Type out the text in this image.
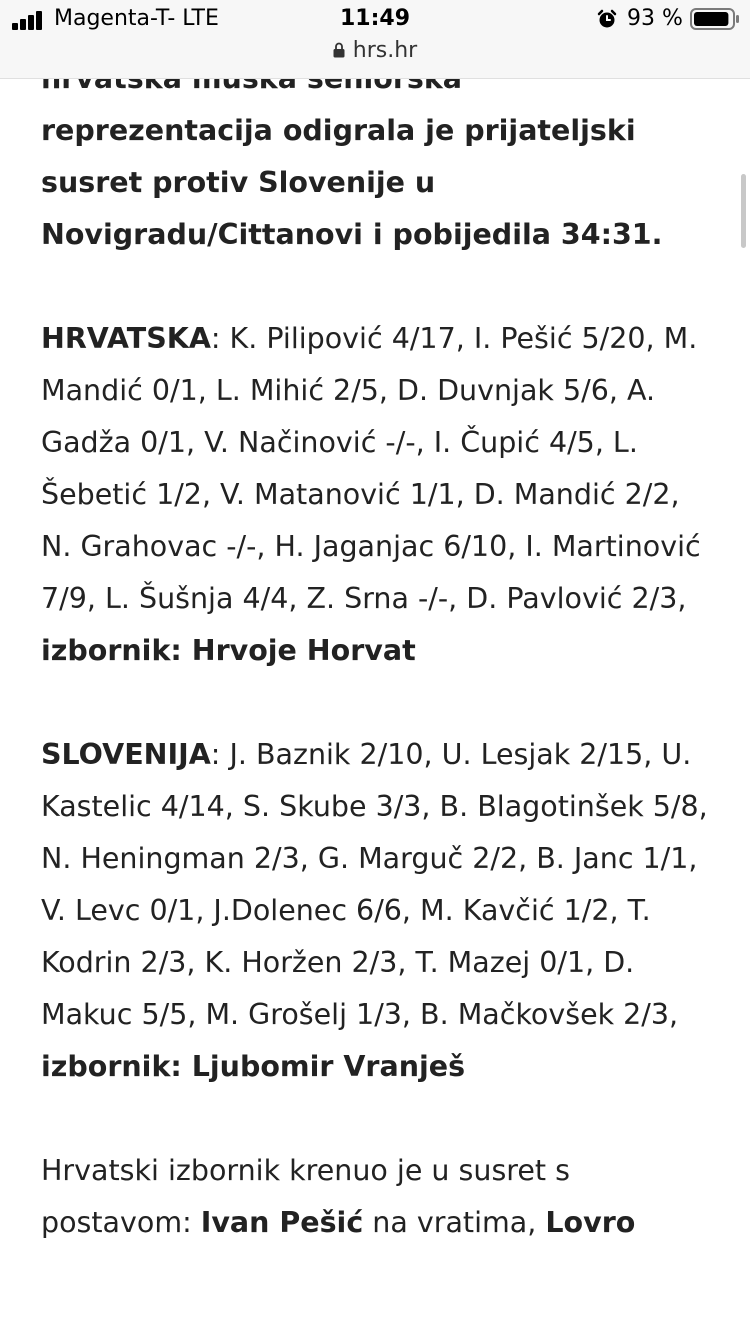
Magenta-T- LTE	11:49	93 %
hrs.hr

reprezentacija odigrala je prijateljski susret protiv Slovenije u Novigradu/Cittanovi i pobijedila 34:31.

HRVATSKA: K. Pilipović 4/17, I. Pešić 5/20, M. Mandić 0/1, L. Mihić 2/5, D. Duvnjak 5/6, A. Gadža 0/1, V. Načinović -/-, I. Čupić 4/5, L. Šebetić 1/2, V. Matanović 1/1, D. Mandić 2/2, N. Grahovac -/-, H. Jaganjac 6/10, I. Martinović 7/9, L. Šušnja 4/4, Z. Srna -/-, D. Pavlović 2/3,
izbornik: Hrvoje Horvat

SLOVENIJA: J. Baznik 2/10, U. Lesjak 2/15, U. Kastelic 4/14, S. Skube 3/3, B. Blagotinšek 5/8, N. Heningman 2/3, G. Marguč 2/2, B. Janc 1/1, V. Levc 0/1, J.Dolenec 6/6, M. Kavčić 1/2, T. Kodrin 2/3, K. Horžen 2/3, T. Mazej 0/1, D. Makuc 5/5, M. Grošelj 1/3, B. Mačkovšek 2/3,
izbornik: Ljubomir Vranješ

Hrvatski izbornik krenuo je u susret s postavom: Ivan Pešić na vratima, Lovro
